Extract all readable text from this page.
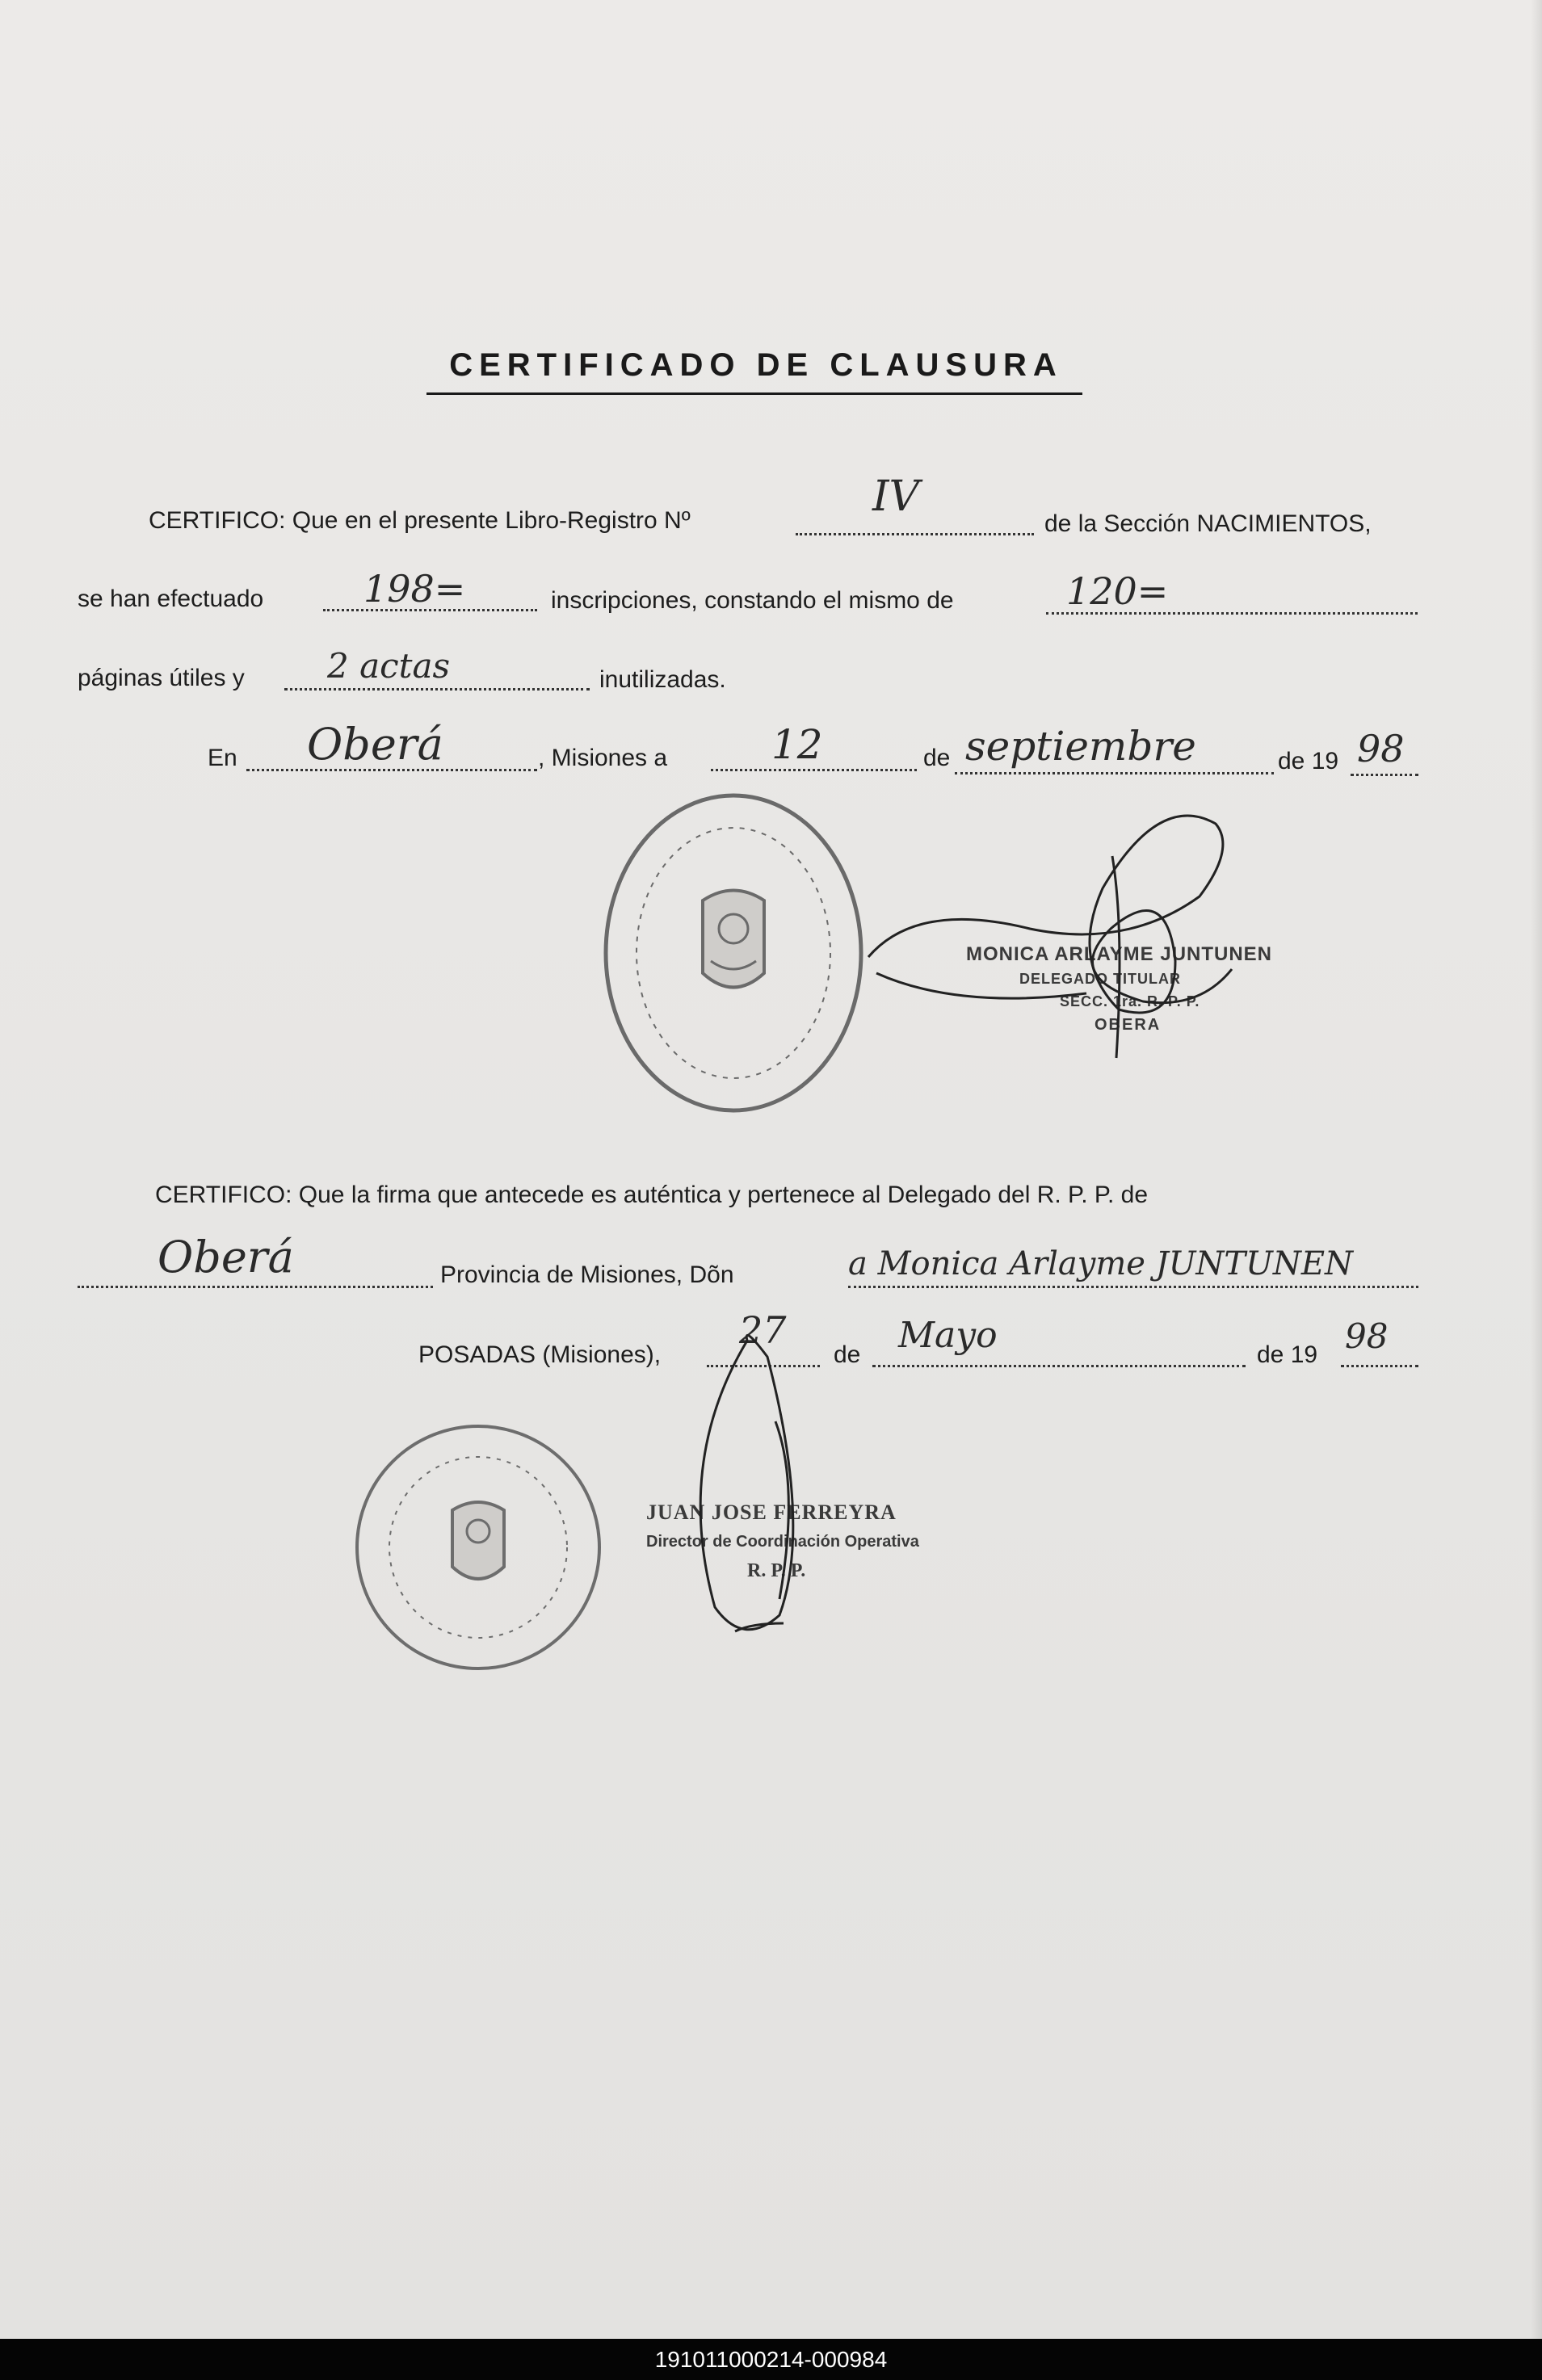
CERTIFICADO DE CLAUSURA
CERTIFICO: Que en el presente Libro-Registro Nº	IV
de la Sección NACIMIENTOS,
se han efectuado	198=	inscripciones, constando el mismo de	120=
páginas útiles y 2 actas	inutilizadas.
En Oberá	, Misiones a	12	de septiembre	de 19 98
MONICA ARLAYME JUNTUNEN
DELEGADO TITULAR
SECC. 1ra. R. P. P.
OBERA
CERTIFICO: Que la firma que antecede es auténtica y pertenece al Delegado del R. P. P. de
Oberá	Provincia de Misiones, Dõn	a Monica Arlayme JUNTUNEN
POSADAS (Misiones),
27
de Mayo	de 19 98
JUAN JOSE FERREYRA
Director de Coordinación Operativa
R. P. P.
191011000214-000984
